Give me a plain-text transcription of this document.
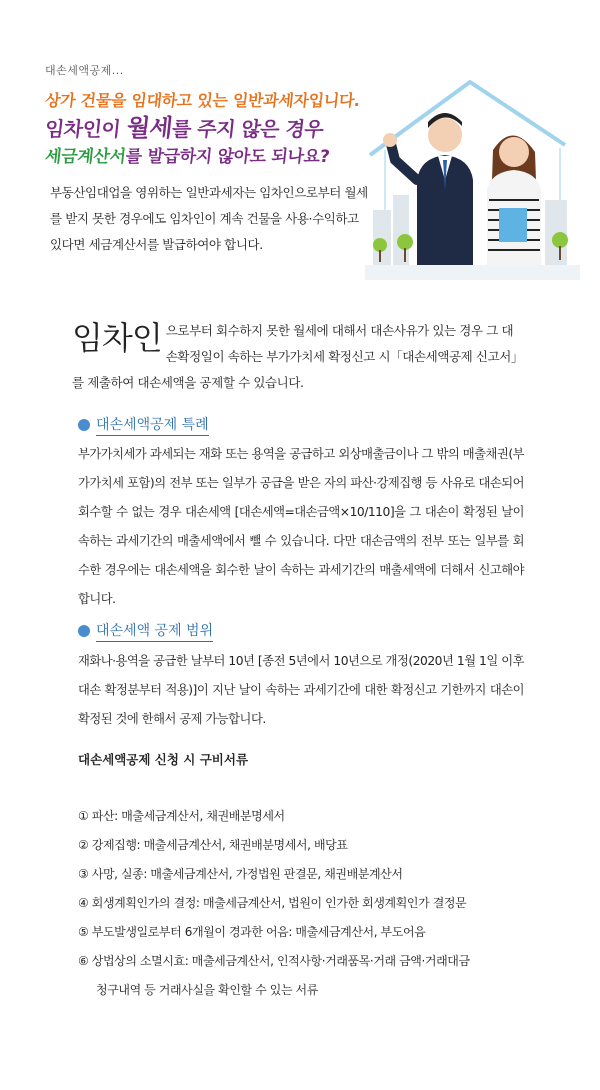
대손세액공제...
상가 건물을 임대하고 있는 일반과세자입니다.
임차인이 월세를 주지 않은 경우
세금계산서를 발급하지 않아도 되나요?
부동산임대업을 영위하는 일반과세자는 임차인으로부터 월세를 받지 못한 경우에도 임차인이 계속 건물을 사용·수익하고 있다면 세금계산서를 발급하여야 합니다.
임차인 으로부터 회수하지 못한 월세에 대해서 대손사유가 있는 경우 그 대손확정일이 속하는 부가가치세 확정신고 시「대손세액공제 신고서」를 제출하여 대손세액을 공제할 수 있습니다.
대손세액공제 특례
부가가치세가 과세되는 재화 또는 용역을 공급하고 외상매출금이나 그 밖의 매출채권(부가가치세 포함)의 전부 또는 일부가 공급을 받은 자의 파산·강제집행 등 사유로 대손되어 회수할 수 없는 경우 대손세액 [대손세액=대손금액×10/110]을 그 대손이 확정된 날이 속하는 과세기간의 매출세액에서 뺄 수 있습니다. 다만 대손금액의 전부 또는 일부를 회수한 경우에는 대손세액을 회수한 날이 속하는 과세기간의 매출세액에 더해서 신고해야 합니다.
대손세액 공제 범위
재화나·용역을 공급한 날부터 10년 [종전 5년에서 10년으로 개정(2020년 1월 1일 이후 대손 확정분부터 적용)]이 지난 날이 속하는 과세기간에 대한 확정신고 기한까지 대손이 확정된 것에 한해서 공제 가능합니다.
대손세액공제 신청 시 구비서류
① 파산: 매출세금계산서, 채권배분명세서
② 강제집행: 매출세금계산서, 채권배분명세서, 배당표
③ 사망, 실종: 매출세금계산서, 가정법원 판결문, 채권배분계산서
④ 회생계획인가의 결정: 매출세금계산서, 법원이 인가한 회생계획인가 결정문
⑤ 부도발생일로부터 6개월이 경과한 어음: 매출세금계산서, 부도어음
⑥ 상법상의 소멸시효: 매출세금계산서, 인적사항·거래품목·거래 금액·거래대금
청구내역 등 거래사실을 확인할 수 있는 서류
